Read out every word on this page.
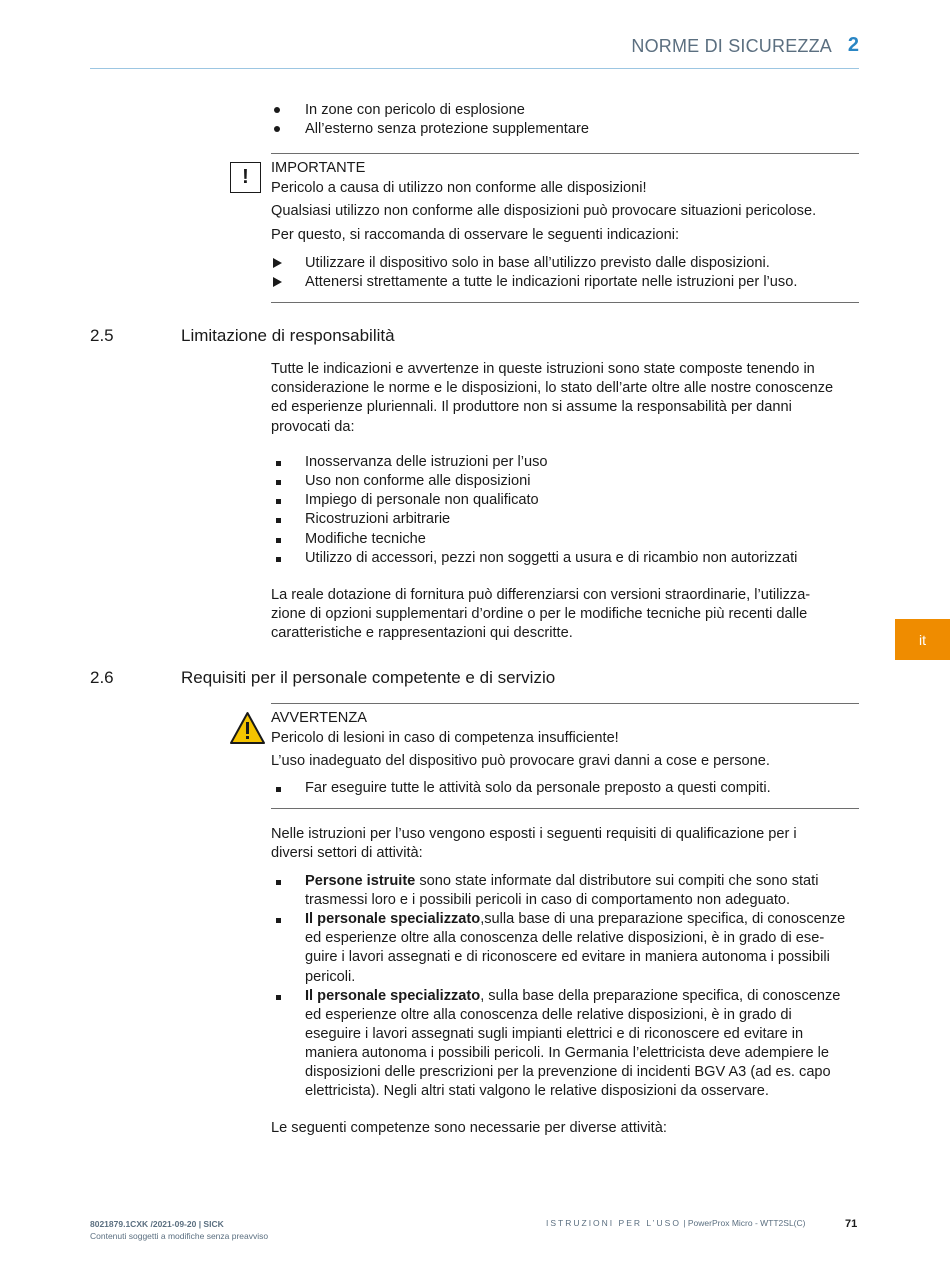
NORME DI SICUREZZA 2
In zone con pericolo di esplosione
All’esterno senza protezione supplementare
!	IMPORTANTE
Pericolo a causa di utilizzo non conforme alle disposizioni!
Qualsiasi utilizzo non conforme alle disposizioni può provocare situazioni pericolose.
Per questo, si raccomanda di osservare le seguenti indicazioni:
Utilizzare il dispositivo solo in base all’utilizzo previsto dalle disposizioni.
Attenersi strettamente a tutte le indicazioni riportate nelle istruzioni per l’uso.
2.5	Limitazione di responsabilità
Tutte le indicazioni e avvertenze in queste istruzioni sono state composte tenendo in
considerazione le norme e le disposizioni, lo stato dell’arte oltre alle nostre conoscenze
ed esperienze pluriennali. Il produttore non si assume la responsabilità per danni
provocati da:
Inosservanza delle istruzioni per l’uso
Uso non conforme alle disposizioni
Impiego di personale non qualificato
Ricostruzioni arbitrarie
Modifiche tecniche
Utilizzo di accessori, pezzi non soggetti a usura e di ricambio non autorizzati
La reale dotazione di fornitura può differenziarsi con versioni straordinarie, l’utilizza-
zione di opzioni supplementari d’ordine o per le modifiche tecniche più recenti dalle
caratteristiche e rappresentazioni qui descritte.	it
2.6	Requisiti per il personale competente e di servizio
AVVERTENZA
Pericolo di lesioni in caso di competenza insufficiente!
L’uso inadeguato del dispositivo può provocare gravi danni a cose e persone.
Far eseguire tutte le attività solo da personale preposto a questi compiti.
Nelle istruzioni per l’uso vengono esposti i seguenti requisiti di qualificazione per i
diversi settori di attività:
Persone istruite sono state informate dal distributore sui compiti che sono stati
trasmessi loro e i possibili pericoli in caso di comportamento non adeguato.
Il personale specializzato,sulla base di una preparazione specifica, di conoscenze
ed esperienze oltre alla conoscenza delle relative disposizioni, è in grado di ese-
guire i lavori assegnati e di riconoscere ed evitare in maniera autonoma i possibili
pericoli.
Il personale specializzato, sulla base della preparazione specifica, di conoscenze
ed esperienze oltre alla conoscenza delle relative disposizioni, è in grado di
eseguire i lavori assegnati sugli impianti elettrici e di riconoscere ed evitare in
maniera autonoma i possibili pericoli. In Germania l’elettricista deve adempiere le
disposizioni delle prescrizioni per la prevenzione di incidenti BGV A3 (ad es. capo
elettricista). Negli altri stati valgono le relative disposizioni da osservare.
Le seguenti competenze sono necessarie per diverse attività:
8021879.1CXK /2021-09-20 | SICK
Contenuti soggetti a modifiche senza preavviso
ISTRUZIONI PER L’USO | PowerProx Micro - WTT2SL(C)	71
